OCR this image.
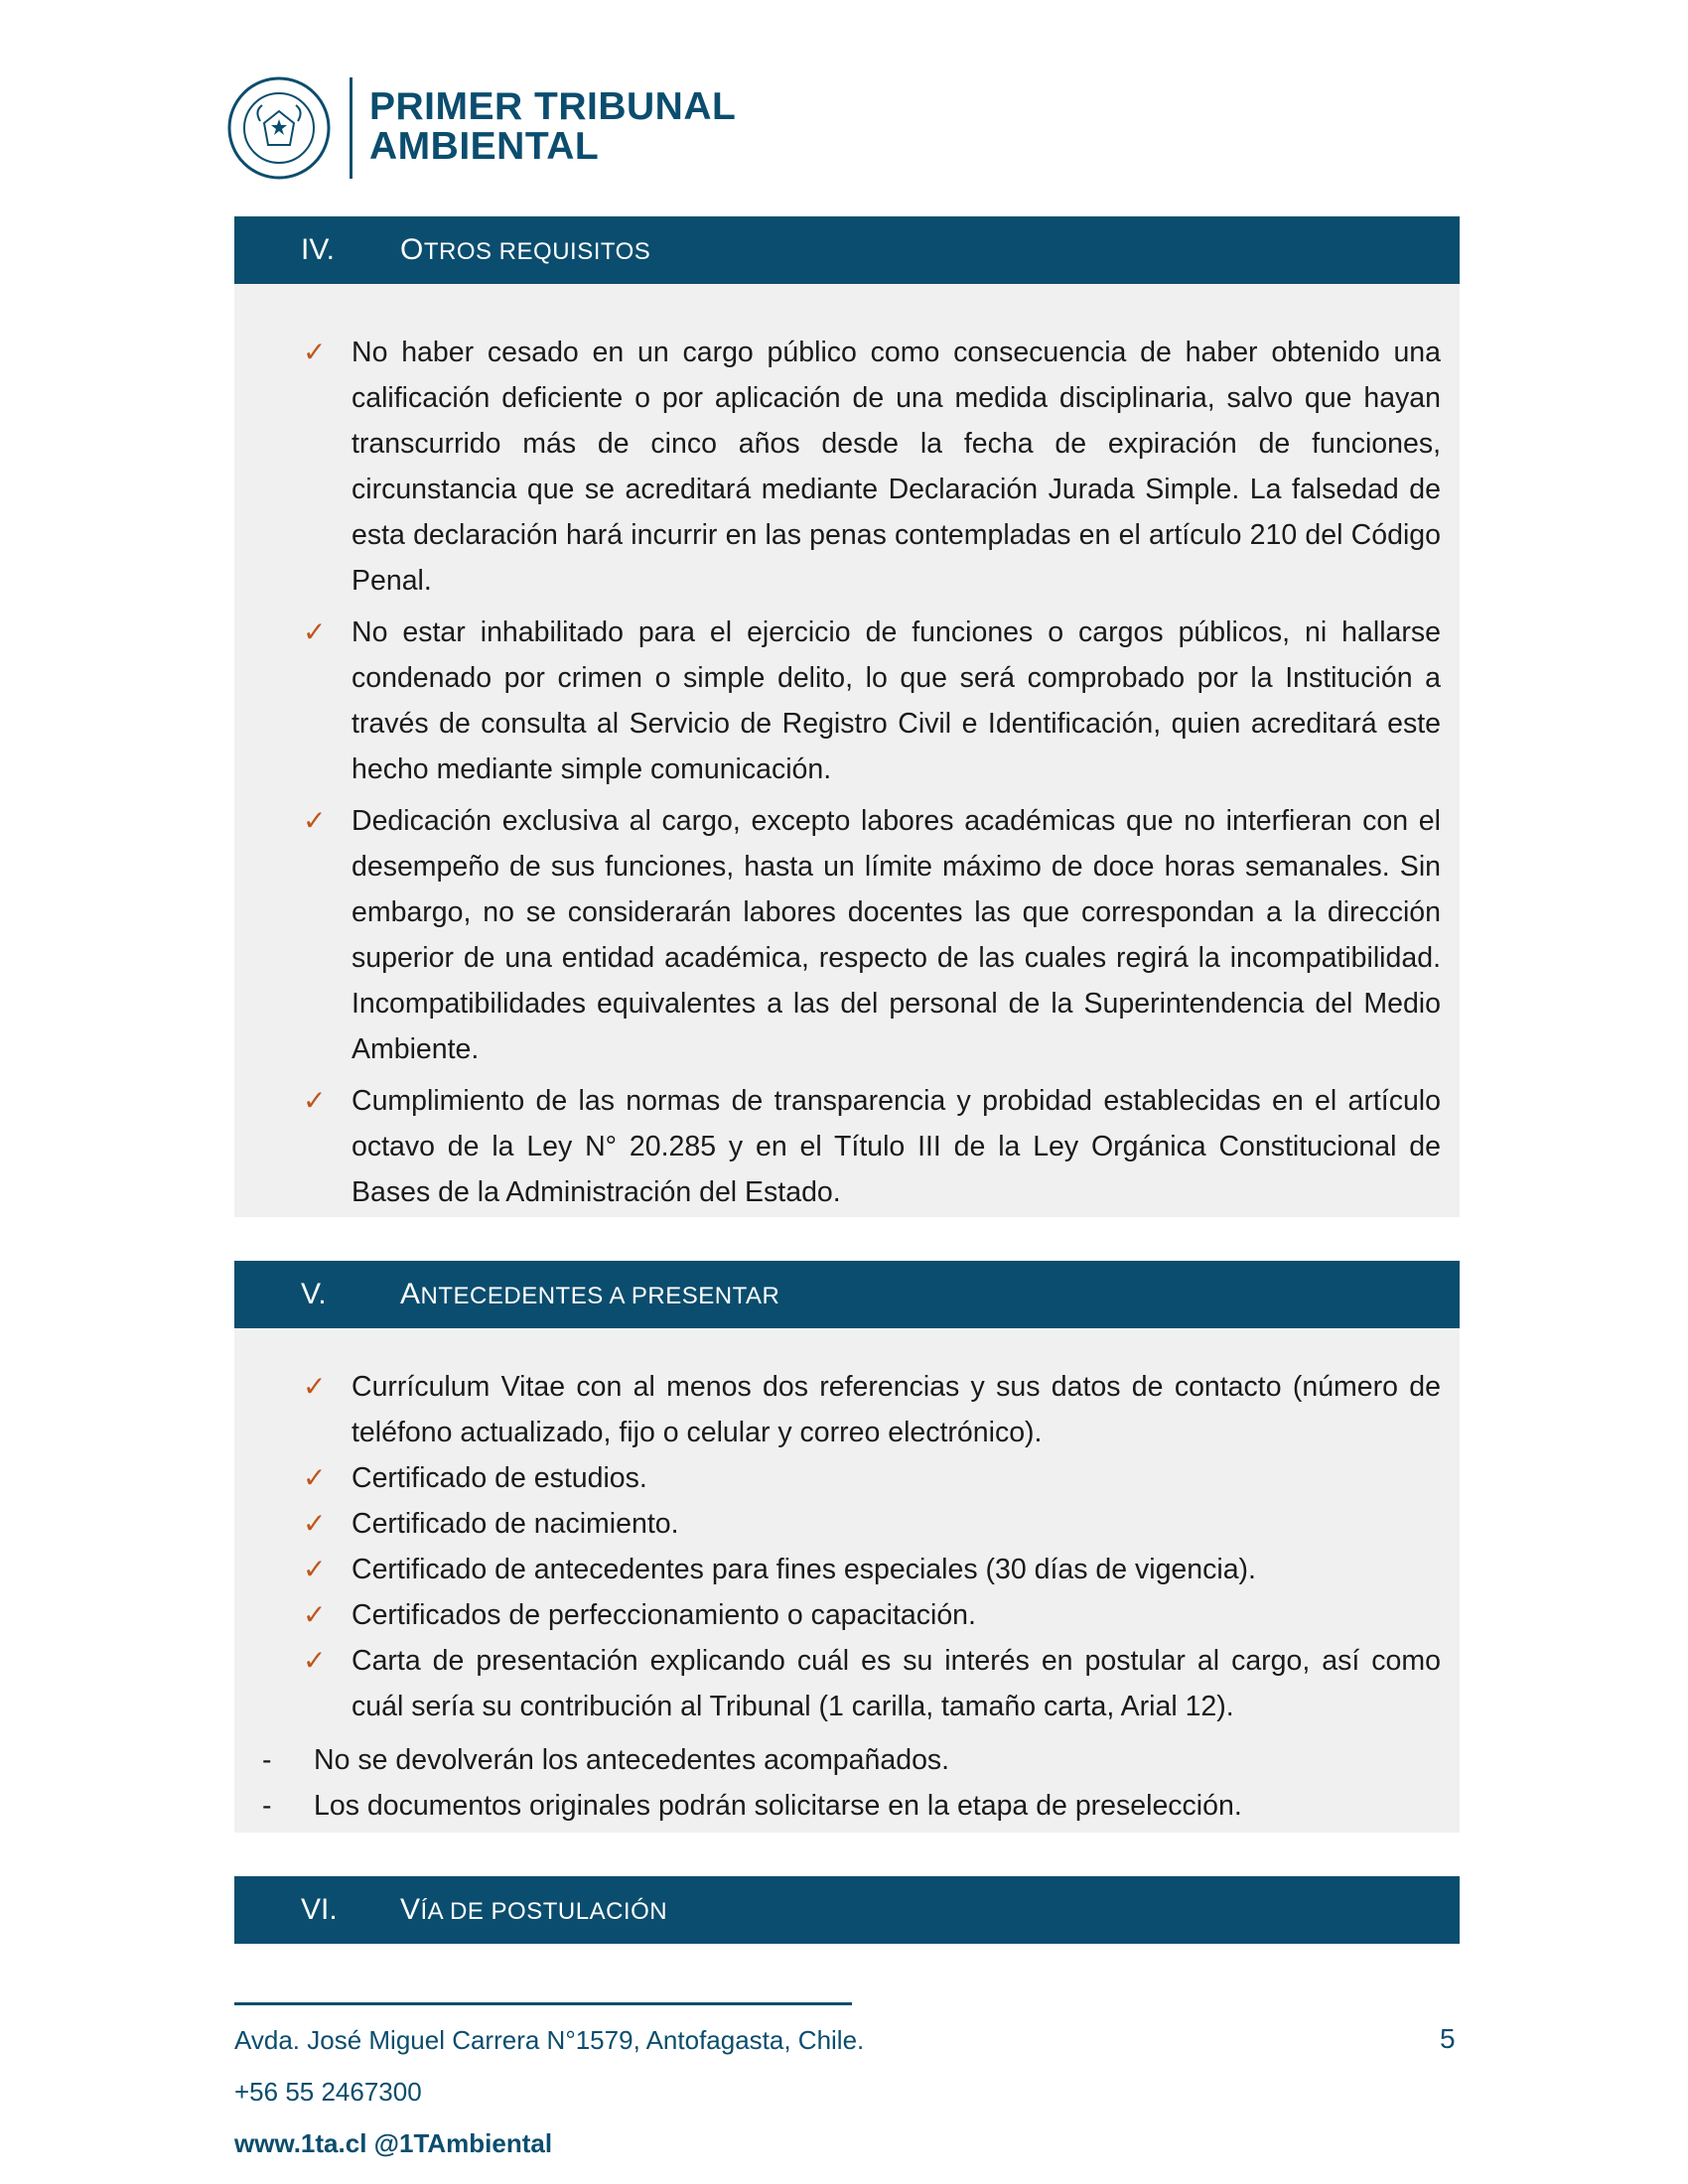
PRIMER TRIBUNAL
AMBIENTAL
IV. OTROS REQUISITOS
✓ No haber cesado en un cargo público como consecuencia de haber obtenido una calificación deficiente o por aplicación de una medida disciplinaria, salvo que hayan transcurrido más de cinco años desde la fecha de expiración de funciones, circunstancia que se acreditará mediante Declaración Jurada Simple. La falsedad de esta declaración hará incurrir en las penas contempladas en el artículo 210 del Código Penal.
✓ No estar inhabilitado para el ejercicio de funciones o cargos públicos, ni hallarse condenado por crimen o simple delito, lo que será comprobado por la Institución a través de consulta al Servicio de Registro Civil e Identificación, quien acreditará este hecho mediante simple comunicación.
✓ Dedicación exclusiva al cargo, excepto labores académicas que no interfieran con el desempeño de sus funciones, hasta un límite máximo de doce horas semanales. Sin embargo, no se considerarán labores docentes las que correspondan a la dirección superior de una entidad académica, respecto de las cuales regirá la incompatibilidad. Incompatibilidades equivalentes a las del personal de la Superintendencia del Medio Ambiente.
✓ Cumplimiento de las normas de transparencia y probidad establecidas en el artículo octavo de la Ley N° 20.285 y en el Título III de la Ley Orgánica Constitucional de Bases de la Administración del Estado.
V. ANTECEDENTES A PRESENTAR
✓ Currículum Vitae con al menos dos referencias y sus datos de contacto (número de teléfono actualizado, fijo o celular y correo electrónico).
✓ Certificado de estudios.
✓ Certificado de nacimiento.
✓ Certificado de antecedentes para fines especiales (30 días de vigencia).
✓ Certificados de perfeccionamiento o capacitación.
✓ Carta de presentación explicando cuál es su interés en postular al cargo, así como cuál sería su contribución al Tribunal (1 carilla, tamaño carta, Arial 12).
- No se devolverán los antecedentes acompañados.
- Los documentos originales podrán solicitarse en la etapa de preselección.
VI. VÍA DE POSTULACIÓN
Avda. José Miguel Carrera N°1579, Antofagasta, Chile.
+56 55 2467300
www.1ta.cl @1TAmbiental
5
